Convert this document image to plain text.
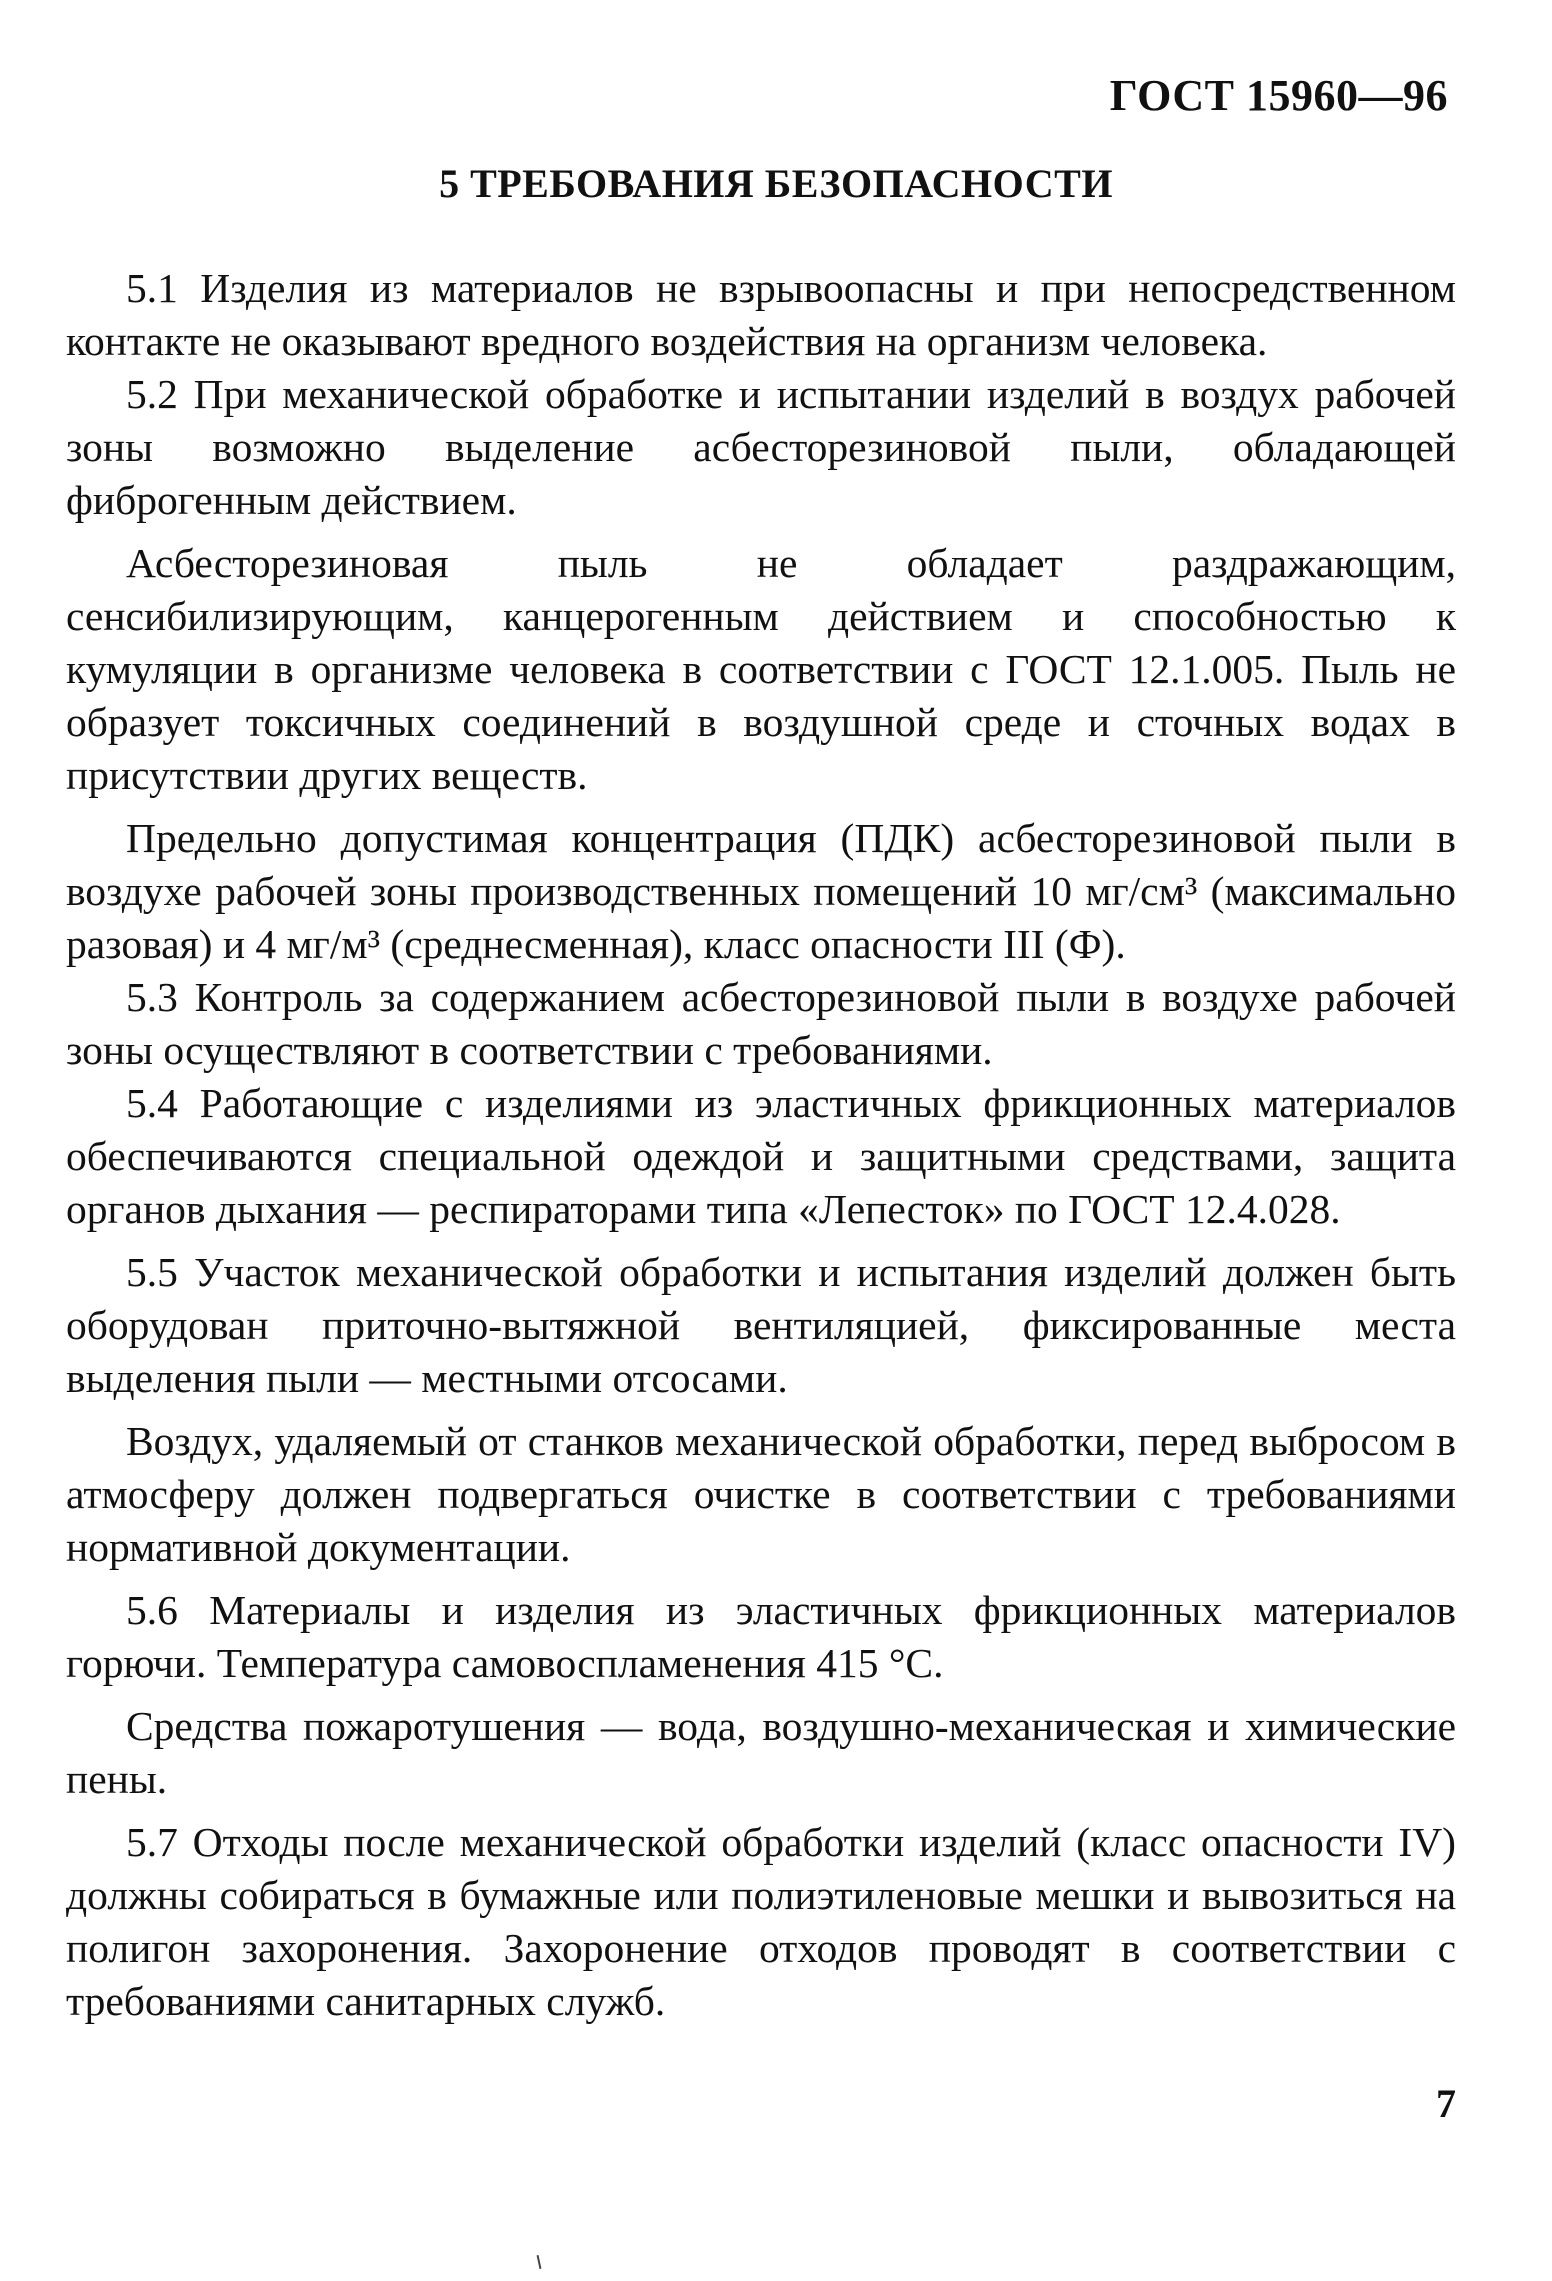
ГОСТ 15960—96
5 ТРЕБОВАНИЯ БЕЗОПАСНОСТИ

5.1 Изделия из материалов не взрывоопасны и при непосредственном контакте не оказывают вредного воздействия на организм человека.

5.2 При механической обработке и испытании изделий в воздух рабочей зоны возможно выделение асбесторезиновой пыли, обладающей фиброгенным действием.

Асбесторезиновая пыль не обладает раздражающим, сенсибилизирующим, канцерогенным действием и способностью к кумуляции в организме человека в соответствии с ГОСТ 12.1.005. Пыль не образует токсичных соединений в воздушной среде и сточных водах в присутствии других веществ.

Предельно допустимая концентрация (ПДК) асбесторезиновой пыли в воздухе рабочей зоны производственных помещений 10 мг/см³ (максимально разовая) и 4 мг/м³ (среднесменная), класс опасности III (Ф).

5.3 Контроль за содержанием асбесторезиновой пыли в воздухе рабочей зоны осуществляют в соответствии с требованиями.

5.4 Работающие с изделиями из эластичных фрикционных материалов обеспечиваются специальной одеждой и защитными средствами, защита органов дыхания — респираторами типа «Лепесток» по ГОСТ 12.4.028.

5.5 Участок механической обработки и испытания изделий должен быть оборудован приточно-вытяжной вентиляцией, фиксированные места выделения пыли — местными отсосами.

Воздух, удаляемый от станков механической обработки, перед выбросом в атмосферу должен подвергаться очистке в соответствии с требованиями нормативной документации.

5.6 Материалы и изделия из эластичных фрикционных материалов горючи. Температура самовоспламенения 415 °С.

Средства пожаротушения — вода, воздушно-механическая и химические пены.

5.7 Отходы после механической обработки изделий (класс опасности IV) должны собираться в бумажные или полиэтиленовые мешки и вывозиться на полигон захоронения. Захоронение отходов проводят в соответствии с требованиями санитарных служб.

7
